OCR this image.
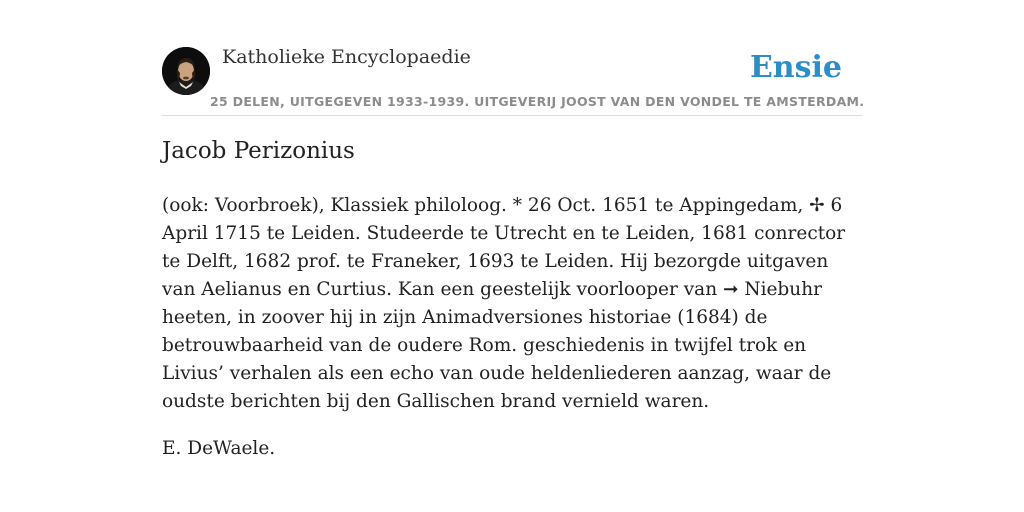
Katholieke Encyclopaedie
25 DELEN, UITGEGEVEN 1933-1939. UITGEVERIJ JOOST VAN DEN VONDEL TE AMSTERDAM.
Ensie
Jacob Perizonius

(ook: Voorbroek), Klassiek philoloog. * 26 Oct. 1651 te Appingedam, ✢ 6 April 1715 te Leiden. Studeerde te Utrecht en te Leiden, 1681 conrector te Delft, 1682 prof. te Franeker, 1693 te Leiden. Hij bezorgde uitgaven van Aelianus en Curtius. Kan een geestelijk voorlooper van ➞ Niebuhr heeten, in zoover hij in zijn Animadversiones historiae (1684) de betrouwbaarheid van de oudere Rom. geschiedenis in twijfel trok en Livius’ verhalen als een echo van oude heldenliederen aanzag, waar de oudste berichten bij den Gallischen brand vernield waren.

E. DeWaele.
